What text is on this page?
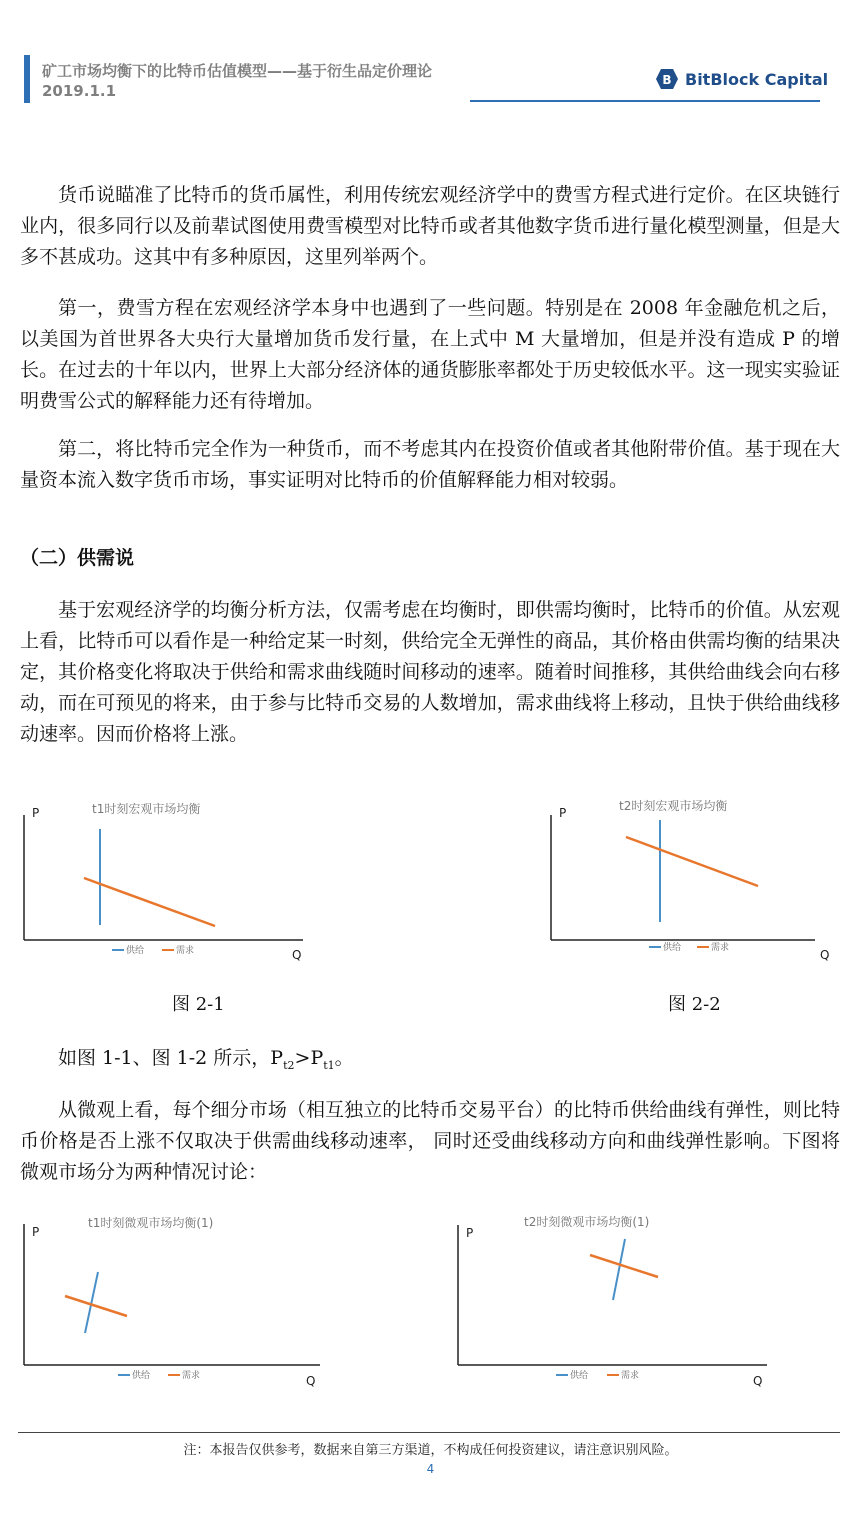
矿工市场均衡下的比特币估值模型——基于衍生品定价理论
2019.1.1
B BitBlock Capital

货币说瞄准了比特币的货币属性，利用传统宏观经济学中的费雪方程式进行定价。在区块链行业内，很多同行以及前辈试图使用费雪模型对比特币或者其他数字货币进行量化模型测量，但是大多不甚成功。这其中有多种原因，这里列举两个。

第一，费雪方程在宏观经济学本身中也遇到了一些问题。特别是在 2008 年金融危机之后，以美国为首世界各大央行大量增加货币发行量，在上式中 M 大量增加，但是并没有造成 P 的增长。在过去的十年以内，世界上大部分经济体的通货膨胀率都处于历史较低水平。这一现实实验证明费雪公式的解释能力还有待增加。

第二，将比特币完全作为一种货币，而不考虑其内在投资价值或者其他附带价值。基于现在大量资本流入数字货币市场，事实证明对比特币的价值解释能力相对较弱。

（二）供需说

基于宏观经济学的均衡分析方法，仅需考虑在均衡时，即供需均衡时，比特币的价值。从宏观上看，比特币可以看作是一种给定某一时刻，供给完全无弹性的商品，其价格由供需均衡的结果决定，其价格变化将取决于供给和需求曲线随时间移动的速率。随着时间推移，其供给曲线会向右移动，而在可预见的将来，由于参与比特币交易的人数增加，需求曲线将上移动，且快于供给曲线移动速率。因而价格将上涨。

t1时刻宏观市场均衡
P
Q
供给	需求
t2时刻宏观市场均衡
P
Q
供给	需求
图 2-1	图 2-2

如图 1-1、图 1-2 所示，$P_{t2}>P_{t1}$。

从微观上看，每个细分市场（相互独立的比特币交易平台）的比特币供给曲线有弹性，则比特币价格是否上涨不仅取决于供需曲线移动速率， 同时还受曲线移动方向和曲线弹性影响。下图将微观市场分为两种情况讨论：

t1时刻微观市场均衡(1)
P
Q
供给	需求
t2时刻微观市场均衡(1)
P
Q
供给	需求
注：本报告仅供参考，数据来自第三方渠道，不构成任何投资建议，请注意识别风险。
4
